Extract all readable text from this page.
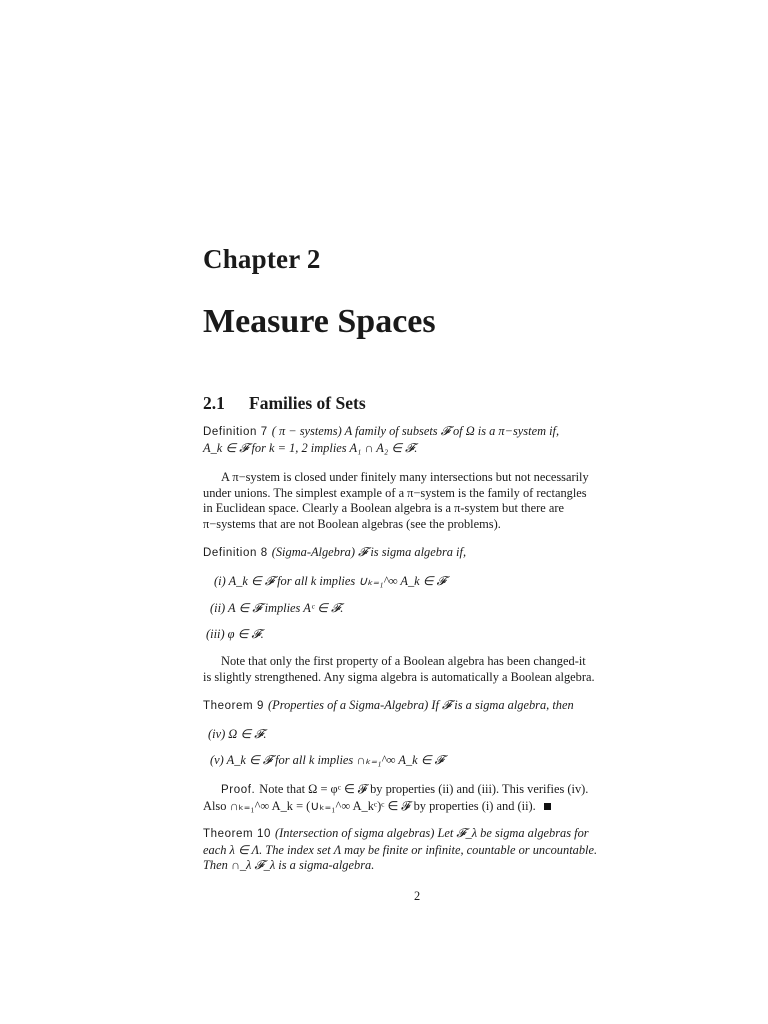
Chapter 2
Measure Spaces
2.1 Families of Sets
Definition 7 ( π − systems) A family of subsets 𝓕 of Ω is a π−system if,
A_k ∈ 𝓕 for k = 1, 2 implies A₁ ∩ A₂ ∈ 𝓕.
A π−system is closed under finitely many intersections but not necessarily
under unions. The simplest example of a π−system is the family of rectangles
in Euclidean space. Clearly a Boolean algebra is a π-system but there are
π−systems that are not Boolean algebras (see the problems).
Definition 8 (Sigma-Algebra) 𝓕 is sigma algebra if,
(i) A_k ∈ 𝓕 for all k implies ∪ₖ₌₁^∞ A_k ∈ 𝓕
(ii) A ∈ 𝓕 implies Aᶜ ∈ 𝓕.
(iii) φ ∈ 𝓕.
Note that only the first property of a Boolean algebra has been changed-it
is slightly strengthened. Any sigma algebra is automatically a Boolean algebra.
Theorem 9 (Properties of a Sigma-Algebra) If 𝓕 is a sigma algebra, then
(iv) Ω ∈ 𝓕.
(v) A_k ∈ 𝓕 for all k implies ∩ₖ₌₁^∞ A_k ∈ 𝓕
Proof. Note that Ω = φᶜ ∈ 𝓕 by properties (ii) and (iii). This verifies (iv).
Also ∩ₖ₌₁^∞ A_k = (∪ₖ₌₁^∞ A_kᶜ)ᶜ ∈ 𝓕 by properties (i) and (ii).
Theorem 10 (Intersection of sigma algebras) Let 𝓕_λ be sigma algebras for
each λ ∈ Λ. The index set Λ may be finite or infinite, countable or uncountable.
Then ∩_λ 𝓕_λ is a sigma-algebra.
2
